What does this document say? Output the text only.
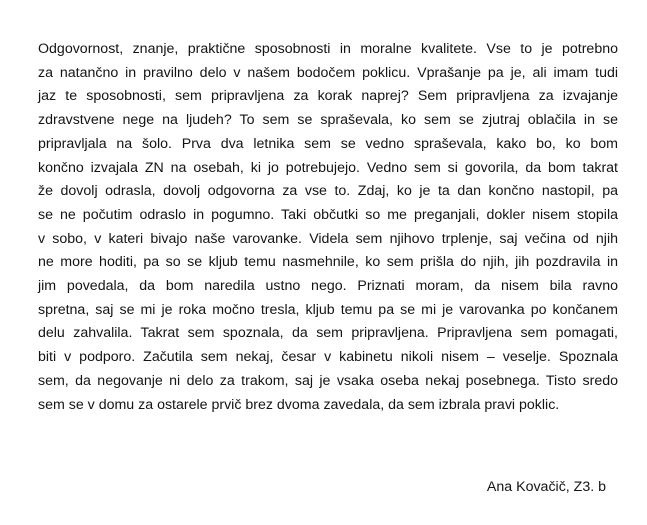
Odgovornost, znanje, praktične sposobnosti in moralne kvalitete. Vse to je potrebno
za natančno in pravilno delo v našem bodočem poklicu. Vprašanje pa je, ali imam tudi
jaz te sposobnosti, sem pripravljena za korak naprej? Sem pripravljena za izvajanje
zdravstvene nege na ljudeh? To sem se spraševala, ko sem se zjutraj oblačila in se
pripravljala na šolo. Prva dva letnika sem se vedno spraševala, kako bo, ko bom
končno izvajala ZN na osebah, ki jo potrebujejo. Vedno sem si govorila, da bom takrat
že dovolj odrasla, dovolj odgovorna za vse to. Zdaj, ko je ta dan končno nastopil, pa
se ne počutim odraslo in pogumno. Taki občutki so me preganjali, dokler nisem stopila
v sobo, v kateri bivajo naše varovanke. Videla sem njihovo trplenje, saj večina od njih
ne more hoditi, pa so se kljub temu nasmehnile, ko sem prišla do njih, jih pozdravila in
jim povedala, da bom naredila ustno nego. Priznati moram, da nisem bila ravno
spretna, saj se mi je roka močno tresla, kljub temu pa se mi je varovanka po končanem
delu zahvalila. Takrat sem spoznala, da sem pripravljena. Pripravljena sem pomagati,
biti v podporo. Začutila sem nekaj, česar v kabinetu nikoli nisem – veselje. Spoznala
sem, da negovanje ni delo za trakom, saj je vsaka oseba nekaj posebnega. Tisto sredo
sem se v domu za ostarele prvič brez dvoma zavedala, da sem izbrala pravi poklic.
Ana Kovačič, Z3. b
